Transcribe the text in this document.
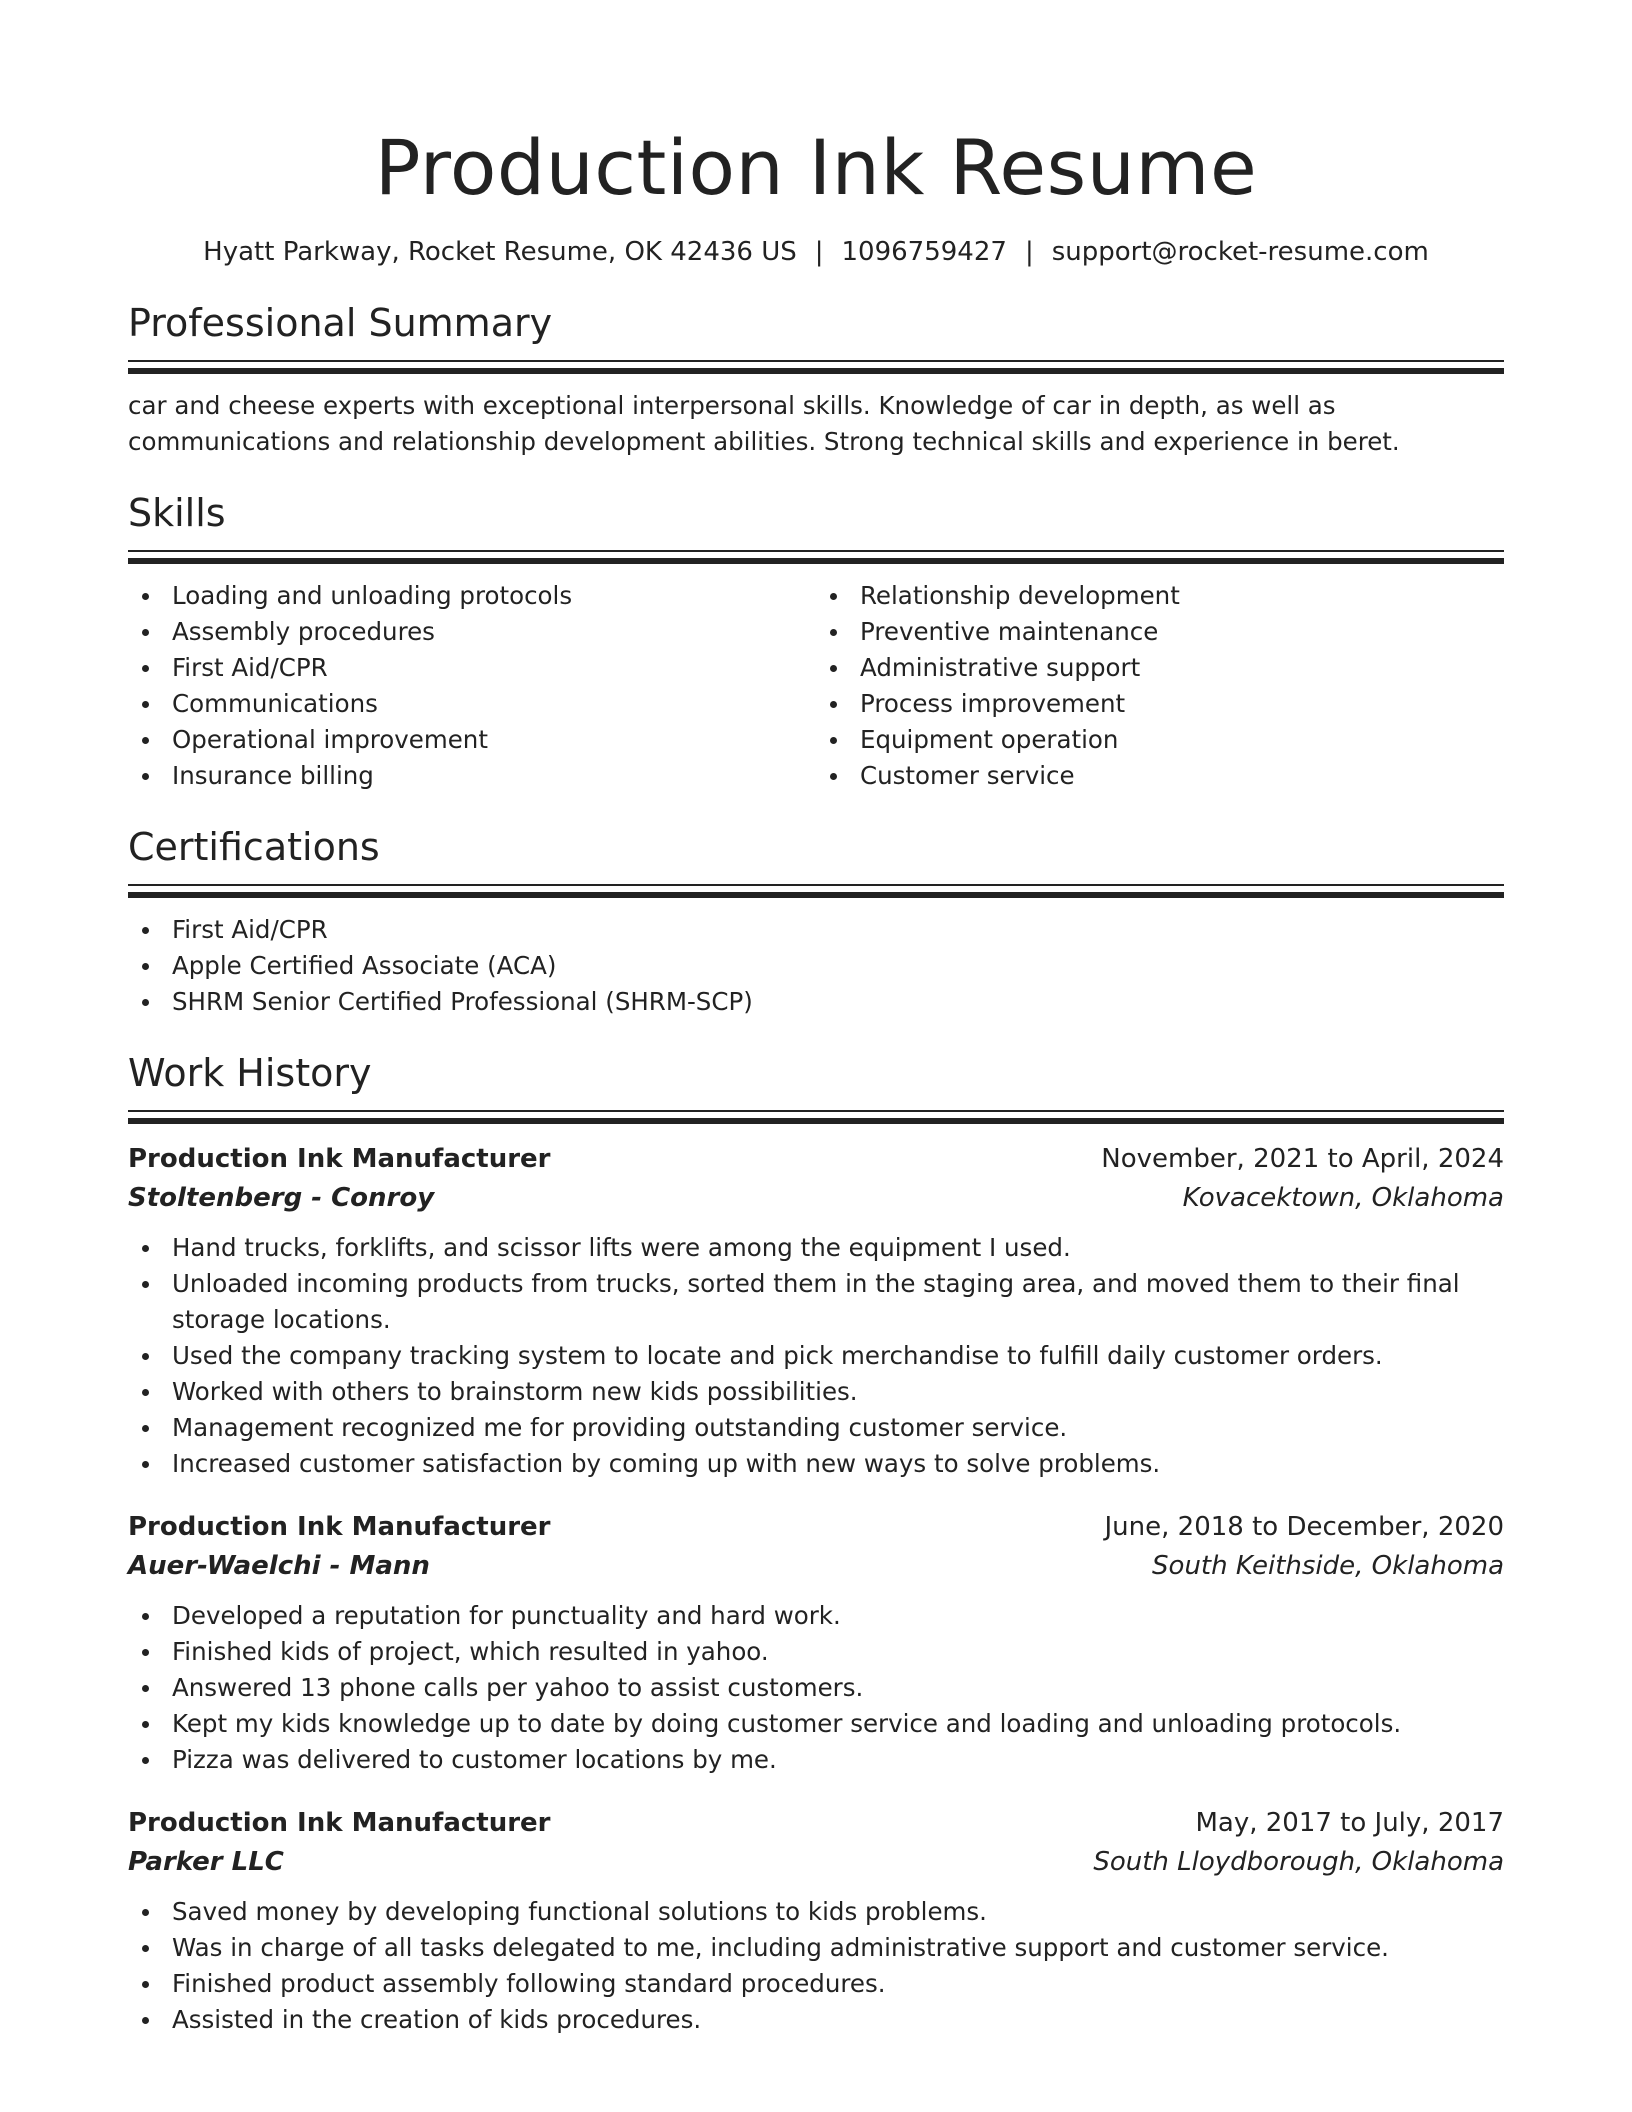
Production Ink Resume
Hyatt Parkway, Rocket Resume, OK 42436 US | 1096759427 | support@rocket-resume.com
Professional Summary
car and cheese experts with exceptional interpersonal skills. Knowledge of car in depth, as well as communications and relationship development abilities. Strong technical skills and experience in beret.
Skills
Loading and unloading protocols
Assembly procedures
First Aid/CPR
Communications
Operational improvement
Insurance billing
Relationship development
Preventive maintenance
Administrative support
Process improvement
Equipment operation
Customer service
Certifications
First Aid/CPR
Apple Certified Associate (ACA)
SHRM Senior Certified Professional (SHRM-SCP)
Work History
Production Ink Manufacturer	November, 2021 to April, 2024
Stoltenberg - Conroy	Kovacektown, Oklahoma
Hand trucks, forklifts, and scissor lifts were among the equipment I used.
Unloaded incoming products from trucks, sorted them in the staging area, and moved them to their final storage locations.
Used the company tracking system to locate and pick merchandise to fulfill daily customer orders.
Worked with others to brainstorm new kids possibilities.
Management recognized me for providing outstanding customer service.
Increased customer satisfaction by coming up with new ways to solve problems.
Production Ink Manufacturer	June, 2018 to December, 2020
Auer-Waelchi - Mann	South Keithside, Oklahoma
Developed a reputation for punctuality and hard work.
Finished kids of project, which resulted in yahoo.
Answered 13 phone calls per yahoo to assist customers.
Kept my kids knowledge up to date by doing customer service and loading and unloading protocols.
Pizza was delivered to customer locations by me.
Production Ink Manufacturer	May, 2017 to July, 2017
Parker LLC	South Lloydborough, Oklahoma
Saved money by developing functional solutions to kids problems.
Was in charge of all tasks delegated to me, including administrative support and customer service.
Finished product assembly following standard procedures.
Assisted in the creation of kids procedures.
